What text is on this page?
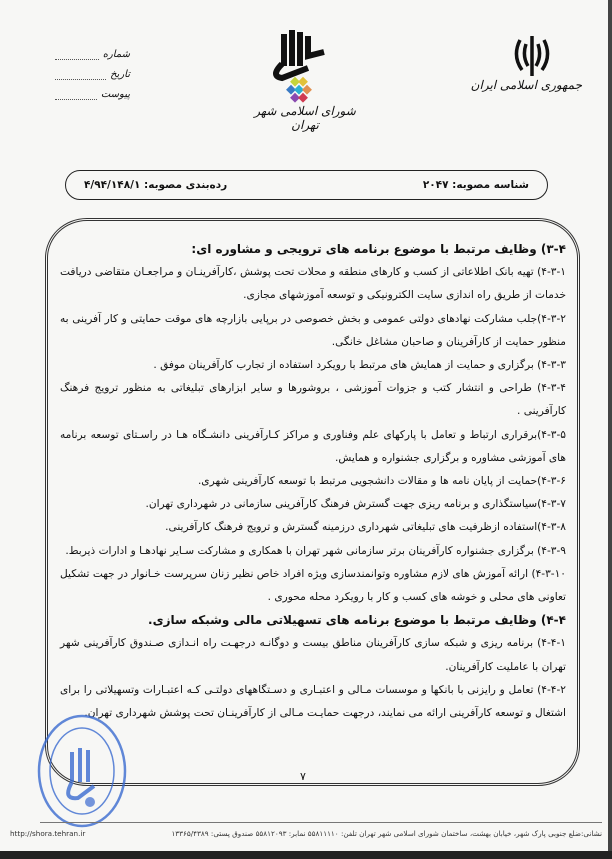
شماره
تاریخ
پیوست
شورای اسلامی شهر تهران
جمهوری اسلامی ایران
شناسه مصوبه: ۲۰۴۷
رده‌بندی مصوبه: ۴/۹۴/۱۴۸/۱
۳-۴) وظایف مرتبط با موضوع برنامه های ترویجی و مشاوره ای:

۴-۳-۱) تهیه بانک اطلاعاتی از کسب و کارهای منطقه و محلات تحت پوشش ،کارآفرینـان و مراجعـان متقاضی دریافت خدمات از طریق راه اندازی سایت الکترونیکی و توسعه آموزشهای مجازی.

۴-۳-۲)جلب مشارکت نهادهای دولتی عمومی و بخش خصوصی در برپایی بازارچه های موقت حمایتی و کار آفرینی به منظور حمایت از کارآفرینان و صاحبان مشاغل خانگی.

۴-۳-۳) برگزاری و حمایت از همایش های مرتبط با رویکرد استفاده از تجارب کارآفرینان موفق .

۴-۳-۴) طراحی و انتشار کتب و جزوات آموزشی ، بروشورها و سایر ابزارهای تبلیغاتی به منظور ترویج فرهنگ کارآفرینی .

۴-۳-۵)برقراری ارتباط و تعامل با پارکهای علم وفناوری و مراکز کـارآفرینی دانشـگاه هـا در راسـتای توسعه برنامه های آموزشی مشاوره و برگزاری جشنواره و همایش.

۴-۳-۶)حمایت از پایان نامه ها و مقالات دانشجویی مرتبط با توسعه کارآفرینی شهری.

۴-۳-۷)سیاستگذاری و برنامه ریزی جهت گسترش فرهنگ کارآفرینی سازمانی در شهرداری تهران.

۴-۳-۸)استفاده ازظرفیت های تبلیغاتی شهرداری درزمینه گسترش و ترویج فرهنگ کارآفرینی.

۴-۳-۹) برگزاری جشنواره کارآفرینان برتر سازمانی شهر تهران با همکاری و مشارکت سـایر نهادهـا و ادارات ذیربط.

۴-۳-۱۰) ارائه آموزش های لازم مشاوره وتوانمندسازی ویژه افراد خاص نظیر زنان سرپرست خـانوار در جهت تشکیل تعاونی های محلی و خوشه های کسب و کار با رویکرد محله محوری .

۴-۴) وظایف مرتبط با موضوع برنامه های تسهیلاتی مالی وشبکه سازی.

۴-۴-۱) برنامه ریزی و شبکه سازی کارآفرینان مناطق بیست و دوگانـه درجهـت راه انـدازی صـندوق کارآفرینی شهر تهران با عاملیت کارآفرینان.

۴-۴-۲) تعامل و رایزنی با بانکها و موسسات مـالی و اعتبـاری و دسـتگاههای دولتـی کـه اعتبـارات وتسهیلاتی را برای اشتغال و توسعه کارآفرینی ارائه می نمایند، درجهت حمایـت مـالی از کارآفرینـان تحت پوشش شهرداری تهران.

۷
نشانی:ضلع جنوبی پارک شهر، خیابان بهشت، ساختمان شورای اسلامی شهر تهران تلفن: ۵۵۸۱۱۱۱۰ نمابر: ۵۵۸۱۲۰۹۳ صندوق پستی: ۱۳۳۶۵/۴۳۸۹
http://shora.tehran.ir
